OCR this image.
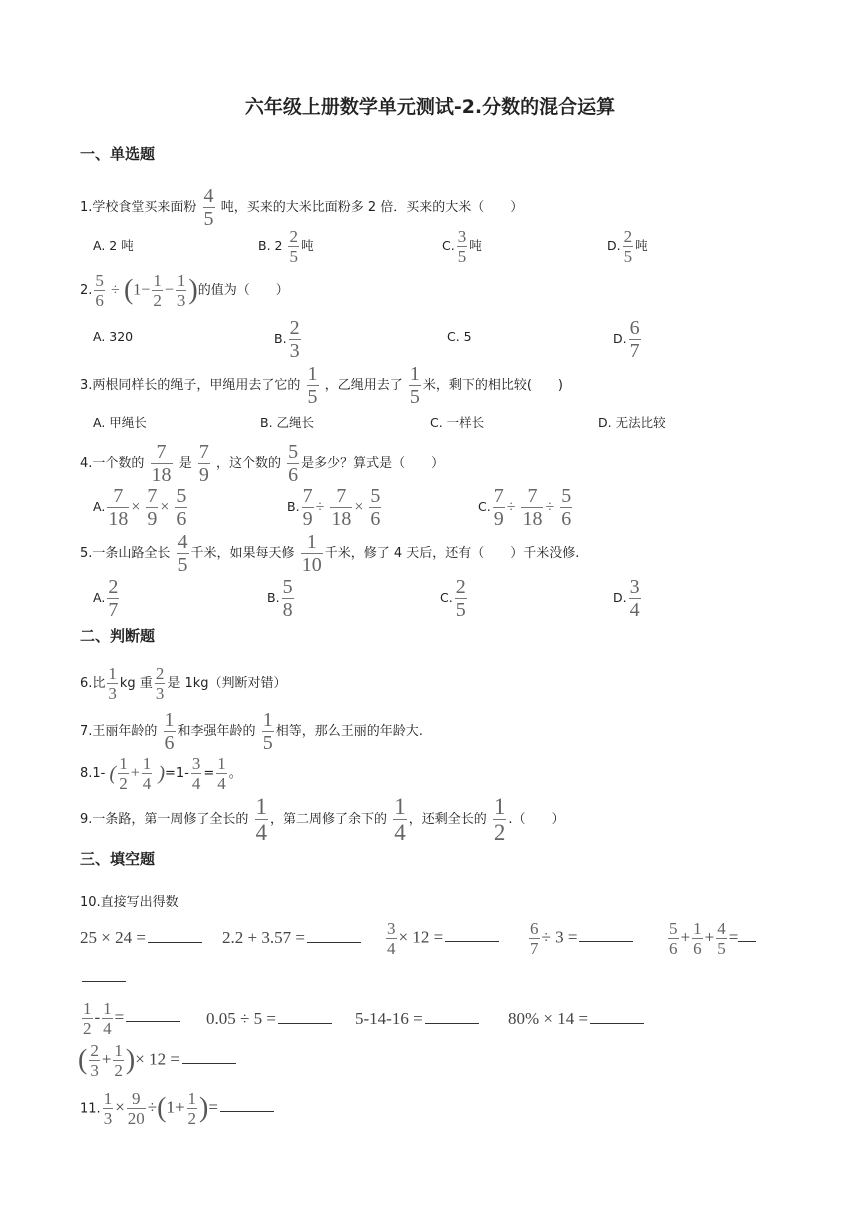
六年级上册数学单元测试-2.分数的混合运算
一、单选题
1.学校食堂买来面粉 $\frac{4}{5}$ 吨，买来的大米比面粉多 2 倍．买来的大米（　　）
A. 2 吨	B. $2 \frac{2}{5}$ 吨	C. $\frac{3}{5}$ 吨	D. $\frac{2}{5}$ 吨
2. $\frac{5}{6} \div (1- \frac{1}{2} - \frac{1}{3}$ )的值为（　　）
A. 320	B. $\frac{2}{3}$	C. 5	D. $\frac{6}{7}$
3.两根同样长的绳子，甲绳用去了它的 $\frac{1}{5}$ ，乙绳用去了 $\frac{1}{5}$ 米，剩下的相比较(　　)
A. 甲绳长	B. 乙绳长	C. 一样长	D. 无法比较
4.一个数的 $\frac{7}{18}$ 是 $\frac{7}{9}$ ，这个数的 $\frac{5}{6}$ 是多少？算式是（　　）
A. $\frac{7}{18} \times \frac{7}{9} \times \frac{5}{6}$	B. $\frac{7}{9} \div \frac{7}{18} \times \frac{5}{6}$	C. $\frac{7}{9} \div \frac{7}{18} \div \frac{5}{6}$
5.一条山路全长 $\frac{4}{5}$ 千米，如果每天修 $\frac{1}{10}$ 千米，修了 4 天后，还有（　　）千米没修.
A. $\frac{2}{7}$	B. $\frac{5}{8}$	C. $\frac{2}{5}$	D. $\frac{3}{4}$
二、判断题
6.比 $\frac{1}{3}$ kg 重 $\frac{2}{3}$ 是 1kg（判断对错）
7.王丽年龄的 $\frac{1}{6}$ 和李强年龄的 $\frac{1}{5}$ 相等，那么王丽的年龄大.
8.1- ( $\frac{1}{2} + \frac{1}{4} )=1- \frac{3}{4} = \frac{1}{4}$ 。
9.一条路，第一周修了全长的 $\frac{1}{4}$ ，第二周修了余下的 $\frac{1}{4}$ ，还剩全长的 $\frac{1}{2}$ .（　　）
三、填空题
10.直接写出得数
25 × 24 =	2.2 + 3.57 =	$\frac{3}{4} \times 12$ =	$\frac{6}{7} \div 3$ =	$\frac{5}{6} + \frac{1}{6} + \frac{4}{5}$ =
$\frac{1}{2} - \frac{1}{4}$ =	0.05 ÷ 5 =	5-14-16 =	80% × 14 =
( $\frac{2}{3} + \frac{1}{2}$ )× 12 =
11. $\frac{1}{3} \times \frac{9}{20} \div(1+ \frac{1}{2}$ )=
